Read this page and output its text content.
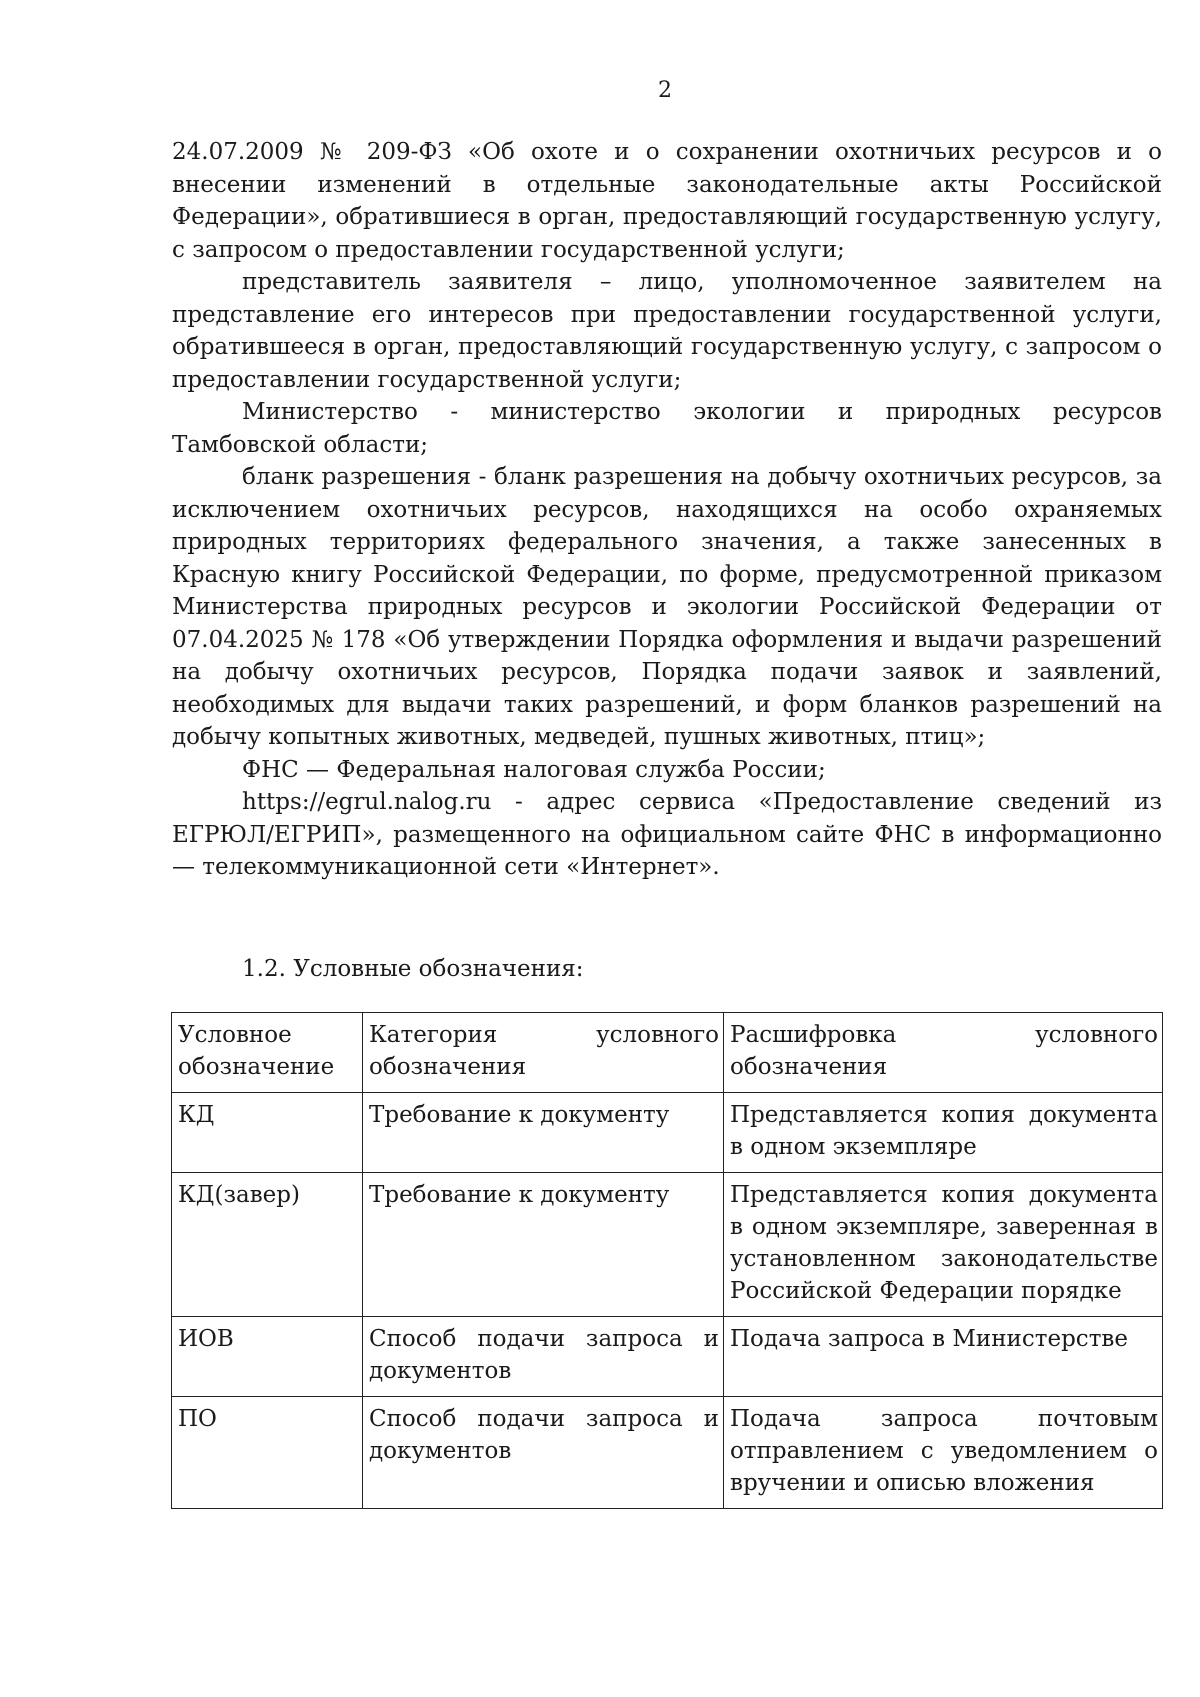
2

24.07.2009 № 209-ФЗ «Об охоте и о сохранении охотничьих ресурсов и о внесении изменений в отдельные законодательные акты Российской Федерации», обратившиеся в орган, предоставляющий государственную услугу, с запросом о предоставлении государственной услуги;

представитель заявителя – лицо, уполномоченное заявителем на представление его интересов при предоставлении государственной услуги, обратившееся в орган, предоставляющий государственную услугу, с запросом о предоставлении государственной услуги;

Министерство - министерство экологии и природных ресурсов Тамбовской области;

бланк разрешения - бланк разрешения на добычу охотничьих ресурсов, за исключением охотничьих ресурсов, находящихся на особо охраняемых природных территориях федерального значения, а также занесенных в Красную книгу Российской Федерации, по форме, предусмотренной приказом Министерства природных ресурсов и экологии Российской Федерации от 07.04.2025 № 178 «Об утверждении Порядка оформления и выдачи разрешений на добычу охотничьих ресурсов, Порядка подачи заявок и заявлений, необходимых для выдачи таких разрешений, и форм бланков разрешений на добычу копытных животных, медведей, пушных животных, птиц»;

ФНС — Федеральная налоговая служба России;

https://egrul.nalog.ru - адрес сервиса «Предоставление сведений из ЕГРЮЛ/ЕГРИП», размещенного на официальном сайте ФНС в информационно — телекоммуникационной сети «Интернет».

1.2. Условные обозначения:

Условное обозначение	Категория условного обозначения	Расшифровка условного обозначения
КД	Требование к документу	Представляется копия документа в одном экземпляре
КД(завер)	Требование к документу	Представляется копия документа в одном экземпляре, заверенная в установленном законодательстве Российской Федерации порядке
ИОВ	Способ подачи запроса и документов	Подача запроса в Министерстве
ПО	Способ подачи запроса и документов	Подача запроса почтовым отправлением с уведомлением о вручении и описью вложения
